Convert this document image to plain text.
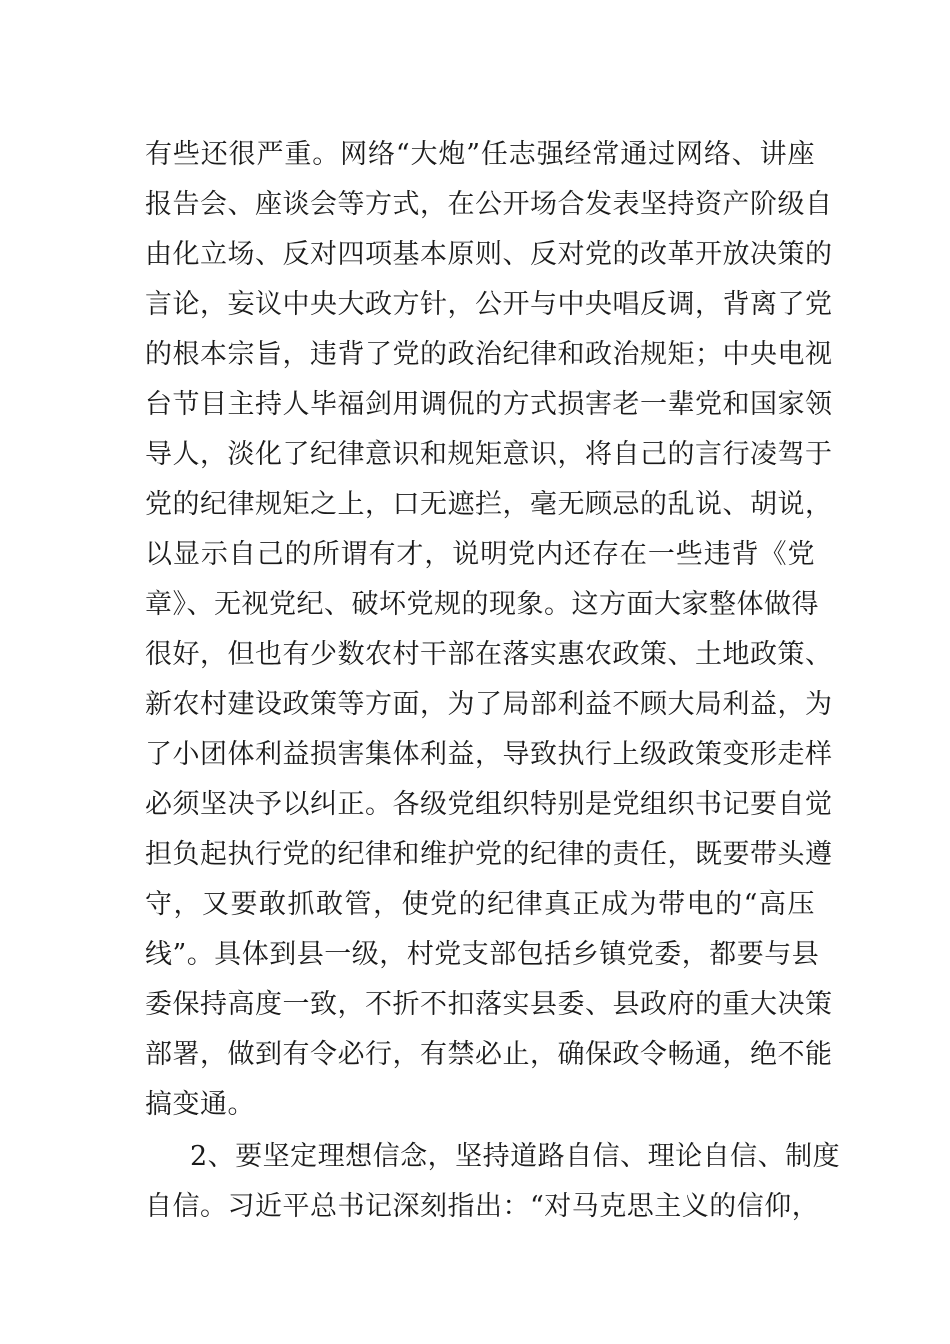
有些还很严重。网络“大炮”任志强经常通过网络、讲座
报告会、座谈会等方式，在公开场合发表坚持资产阶级自
由化立场、反对四项基本原则、反对党的改革开放决策的
言论，妄议中央大政方针，公开与中央唱反调，背离了党
的根本宗旨，违背了党的政治纪律和政治规矩；中央电视
台节目主持人毕福剑用调侃的方式损害老一辈党和国家领
导人，淡化了纪律意识和规矩意识，将自己的言行凌驾于
党的纪律规矩之上，口无遮拦，毫无顾忌的乱说、胡说，
以显示自己的所谓有才，说明党内还存在一些违背《党
章》、无视党纪、破坏党规的现象。这方面大家整体做得
很好，但也有少数农村干部在落实惠农政策、土地政策、
新农村建设政策等方面，为了局部利益不顾大局利益，为
了小团体利益损害集体利益，导致执行上级政策变形走样
必须坚决予以纠正。各级党组织特别是党组织书记要自觉
担负起执行党的纪律和维护党的纪律的责任，既要带头遵
守，又要敢抓敢管，使党的纪律真正成为带电的“高压
线”。具体到县一级，村党支部包括乡镇党委，都要与县
委保持高度一致，不折不扣落实县委、县政府的重大决策
部署，做到有令必行，有禁必止，确保政令畅通，绝不能
搞变通。
2、要坚定理想信念，坚持道路自信、理论自信、制度
自信。习近平总书记深刻指出：“对马克思主义的信仰，
